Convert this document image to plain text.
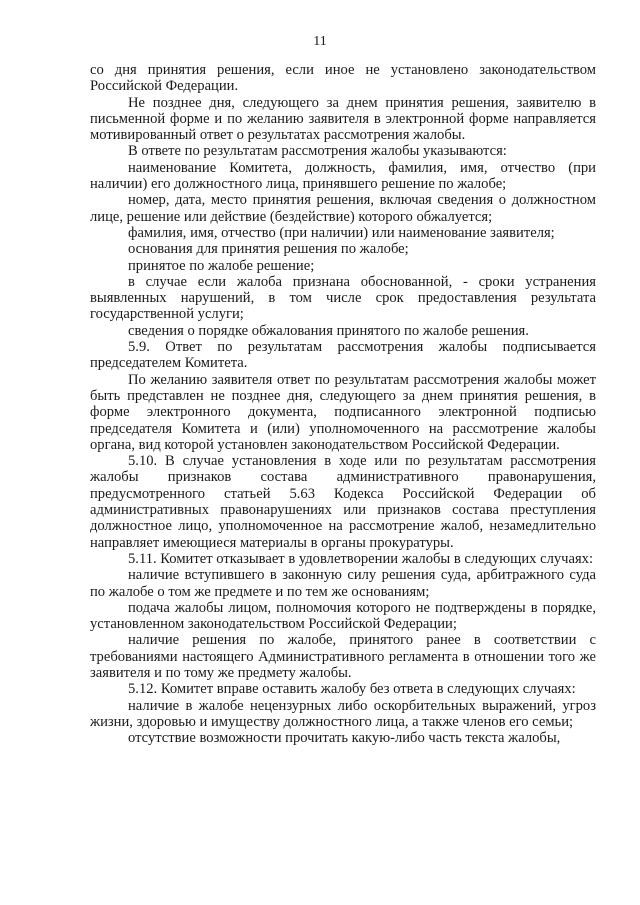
11

со дня принятия решения, если иное не установлено законодательством Российской Федерации.

Не позднее дня, следующего за днем принятия решения, заявителю в письменной форме и по желанию заявителя в электронной форме направляется мотивированный ответ о результатах рассмотрения жалобы.

В ответе по результатам рассмотрения жалобы указываются:

наименование Комитета, должность, фамилия, имя, отчество (при наличии) его должностного лица, принявшего решение по жалобе;

номер, дата, место принятия решения, включая сведения о должностном лице, решение или действие (бездействие) которого обжалуется;

фамилия, имя, отчество (при наличии) или наименование заявителя;

основания для принятия решения по жалобе;

принятое по жалобе решение;

в случае если жалоба признана обоснованной, - сроки устранения выявленных нарушений, в том числе срок предоставления результата государственной услуги;

сведения о порядке обжалования принятого по жалобе решения.

5.9. Ответ по результатам рассмотрения жалобы подписывается председателем Комитета.

По желанию заявителя ответ по результатам рассмотрения жалобы может быть представлен не позднее дня, следующего за днем принятия решения, в форме электронного документа, подписанного электронной подписью председателя Комитета и (или) уполномоченного на рассмотрение жалобы органа, вид которой установлен законодательством Российской Федерации.

5.10. В случае установления в ходе или по результатам рассмотрения жалобы признаков состава административного правонарушения, предусмотренного статьей 5.63 Кодекса Российской Федерации об административных правонарушениях или признаков состава преступления должностное лицо, уполномоченное на рассмотрение жалоб, незамедлительно направляет имеющиеся материалы в органы прокуратуры.

5.11. Комитет отказывает в удовлетворении жалобы в следующих случаях:

наличие вступившего в законную силу решения суда, арбитражного суда по жалобе о том же предмете и по тем же основаниям;

подача жалобы лицом, полномочия которого не подтверждены в порядке, установленном законодательством Российской Федерации;

наличие решения по жалобе, принятого ранее в соответствии с требованиями настоящего Административного регламента в отношении того же заявителя и по тому же предмету жалобы.

5.12. Комитет вправе оставить жалобу без ответа в следующих случаях:

наличие в жалобе нецензурных либо оскорбительных выражений, угроз жизни, здоровью и имуществу должностного лица, а также членов его семьи;

отсутствие возможности прочитать какую-либо часть текста жалобы,
